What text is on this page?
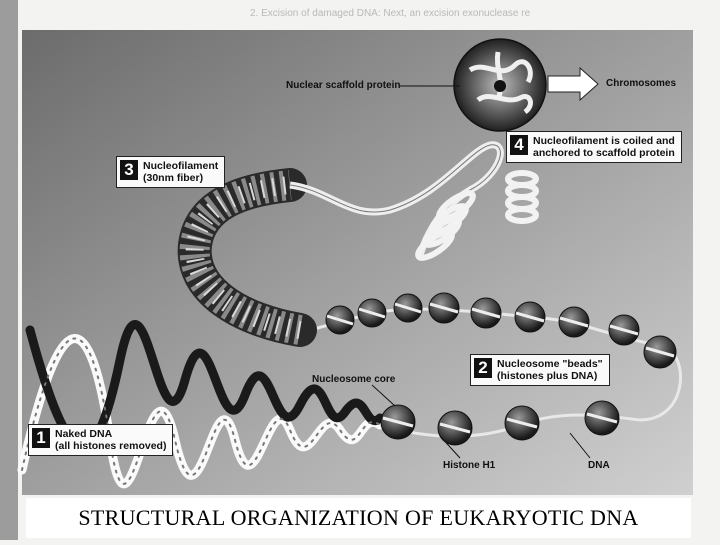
2. Excision of damaged DNA: Next, an excision exonuclease re
Nuclear scaffold protein	Chromosomes
Nucleosome core
Histone H1	DNA
1 Naked DNA
(all histones removed)
2 Nucleosome "beads"
(histones plus DNA)
3 Nucleofilament
(30nm fiber)
4 Nucleofilament is coiled and
anchored to scaffold protein
STRUCTURAL ORGANIZATION OF EUKARYOTIC DNA
